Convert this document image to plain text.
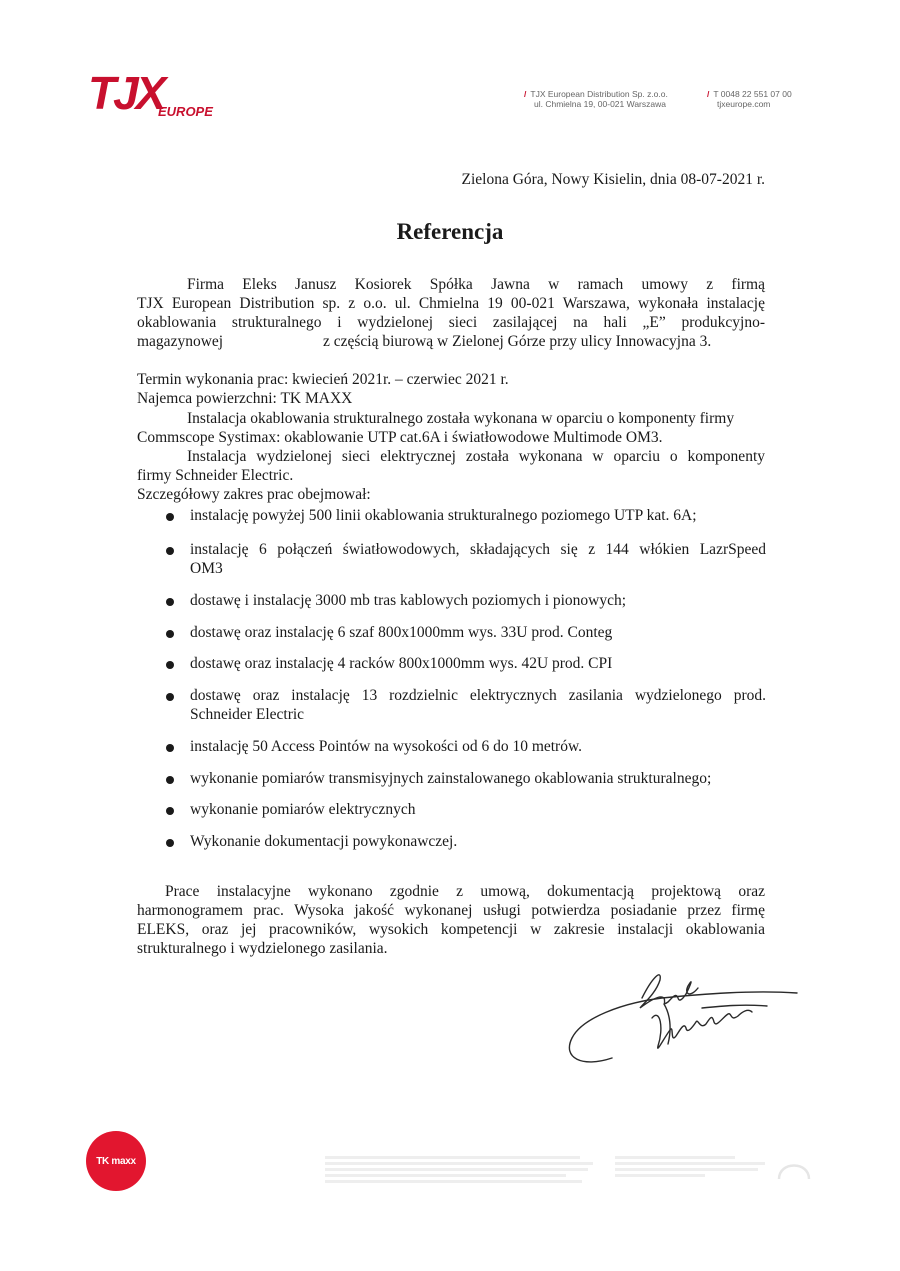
TJX
EUROPE
/ TJX European Distribution Sp. z.o.o.
ul. Chmielna 19, 00-021 Warszawa
/ T 0048 22 551 07 00
tjxeurope.com
Zielona Góra, Nowy Kisielin, dnia 08-07-2021 r.
Referencja
Firma Eleks Janusz Kosiorek Spółka Jawna w ramach umowy z firmą
TJX European Distribution sp. z o.o. ul. Chmielna 19 00-021 Warszawa, wykonała instalację
okablowania strukturalnego i wydzielonej sieci zasilającej na hali „E” produkcyjno-
magazynowej	z częścią biurową w Zielonej Górze przy ulicy Innowacyjna 3.
Termin wykonania prac: kwiecień 2021r. – czerwiec 2021 r.
Najemca powierzchni: TK MAXX
Instalacja okablowania strukturalnego została wykonana w oparciu o komponenty firmy
Commscope Systimax: okablowanie UTP cat.6A i światłowodowe Multimode OM3.
Instalacja wydzielonej sieci elektrycznej została wykonana w oparciu o komponenty
firmy Schneider Electric.
Szczegółowy zakres prac obejmował:
instalację powyżej 500 linii okablowania strukturalnego poziomego UTP kat. 6A;
instalację 6 połączeń światłowodowych, składających się z 144 włókien LazrSpeed
OM3
dostawę i instalację 3000 mb tras kablowych poziomych i pionowych;
dostawę oraz instalację 6 szaf 800x1000mm wys. 33U prod. Conteg
dostawę oraz instalację 4 racków 800x1000mm wys. 42U prod. CPI
dostawę oraz instalację 13 rozdzielnic elektrycznych zasilania wydzielonego prod.
Schneider Electric
instalację 50 Access Pointów na wysokości od 6 do 10 metrów.
wykonanie pomiarów transmisyjnych zainstalowanego okablowania strukturalnego;
wykonanie pomiarów elektrycznych
Wykonanie dokumentacji powykonawczej.
Prace instalacyjne wykonano zgodnie z umową, dokumentacją projektową oraz
harmonogramem prac. Wysoka jakość wykonanej usługi potwierdza posiadanie przez firmę
ELEKS, oraz jej pracowników, wysokich kompetencji w zakresie instalacji okablowania
strukturalnego i wydzielonego zasilania.
TK maxx
